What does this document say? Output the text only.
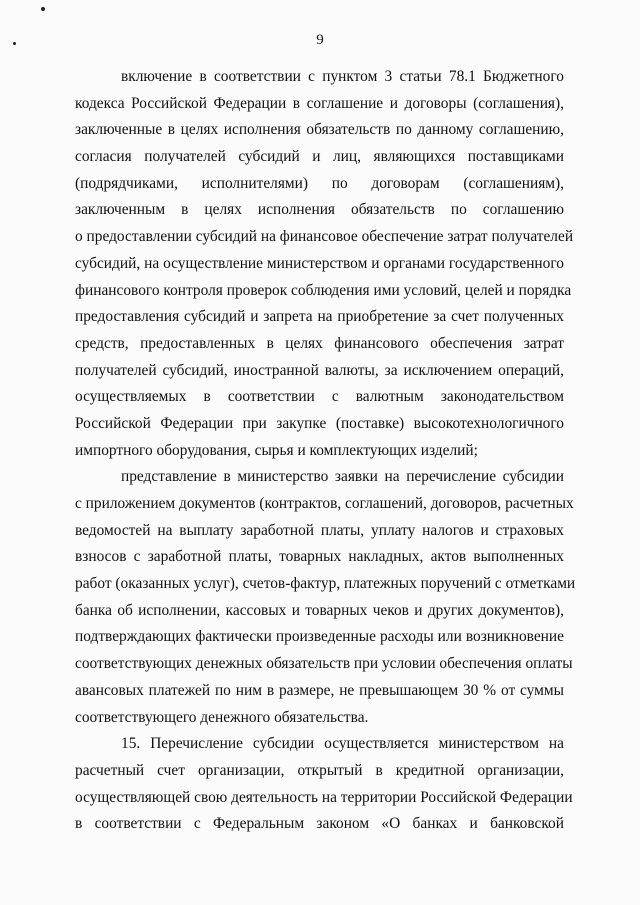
9
включение в соответствии с пунктом 3 статьи 78.1 Бюджетного
кодекса Российской Федерации в соглашение и договоры (соглашения),
заключенные в целях исполнения обязательств по данному соглашению,
согласия получателей субсидий и лиц, являющихся поставщиками
(подрядчиками, исполнителями) по договорам (соглашениям),
заключенным в целях исполнения обязательств по соглашению
о предоставлении субсидий на финансовое обеспечение затрат получателей
субсидий, на осуществление министерством и органами государственного
финансового контроля проверок соблюдения ими условий, целей и порядка
предоставления субсидий и запрета на приобретение за счет полученных
средств, предоставленных в целях финансового обеспечения затрат
получателей субсидий, иностранной валюты, за исключением операций,
осуществляемых в соответствии с валютным законодательством
Российской Федерации при закупке (поставке) высокотехнологичного
импортного оборудования, сырья и комплектующих изделий;
представление в министерство заявки на перечисление субсидии
с приложением документов (контрактов, соглашений, договоров, расчетных
ведомостей на выплату заработной платы, уплату налогов и страховых
взносов с заработной платы, товарных накладных, актов выполненных
работ (оказанных услуг), счетов-фактур, платежных поручений с отметками
банка об исполнении, кассовых и товарных чеков и других документов),
подтверждающих фактически произведенные расходы или возникновение
соответствующих денежных обязательств при условии обеспечения оплаты
авансовых платежей по ним в размере, не превышающем 30 % от суммы
соответствующего денежного обязательства.
15. Перечисление субсидии осуществляется министерством на
расчетный счет организации, открытый в кредитной организации,
осуществляющей свою деятельность на территории Российской Федерации
в соответствии с Федеральным законом «О банках и банковской
